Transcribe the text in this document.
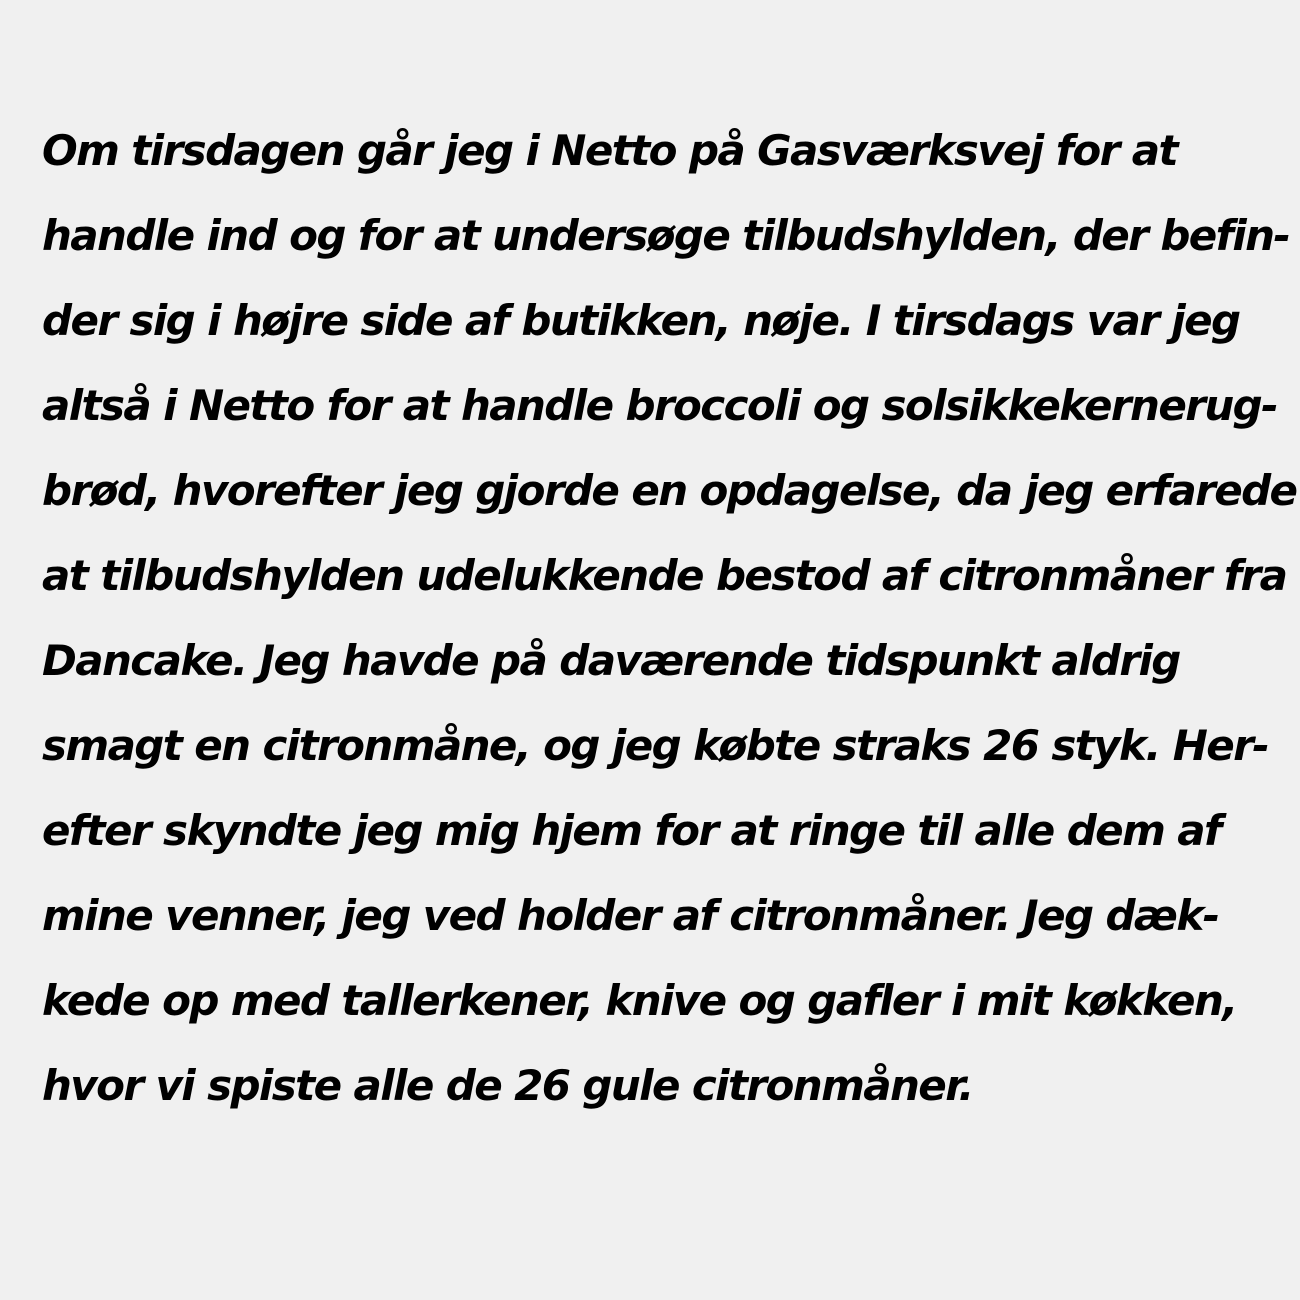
Om tirsdagen går jeg i Netto på Gasværksvej for at
handle ind og for at undersøge tilbudshylden, der befin-
der sig i højre side af butikken, nøje. I tirsdags var jeg
altså i Netto for at handle broccoli og solsikkekernerug-
brød, hvorefter jeg gjorde en opdagelse, da jeg erfarede
at tilbudshylden udelukkende bestod af citronmåner fra
Dancake. Jeg havde på daværende tidspunkt aldrig
smagt en citronmåne, og jeg købte straks 26 styk. Her-
efter skyndte jeg mig hjem for at ringe til alle dem af
mine venner, jeg ved holder af citronmåner. Jeg dæk-
kede op med tallerkener, knive og gafler i mit køkken,
hvor vi spiste alle de 26 gule citronmåner.
